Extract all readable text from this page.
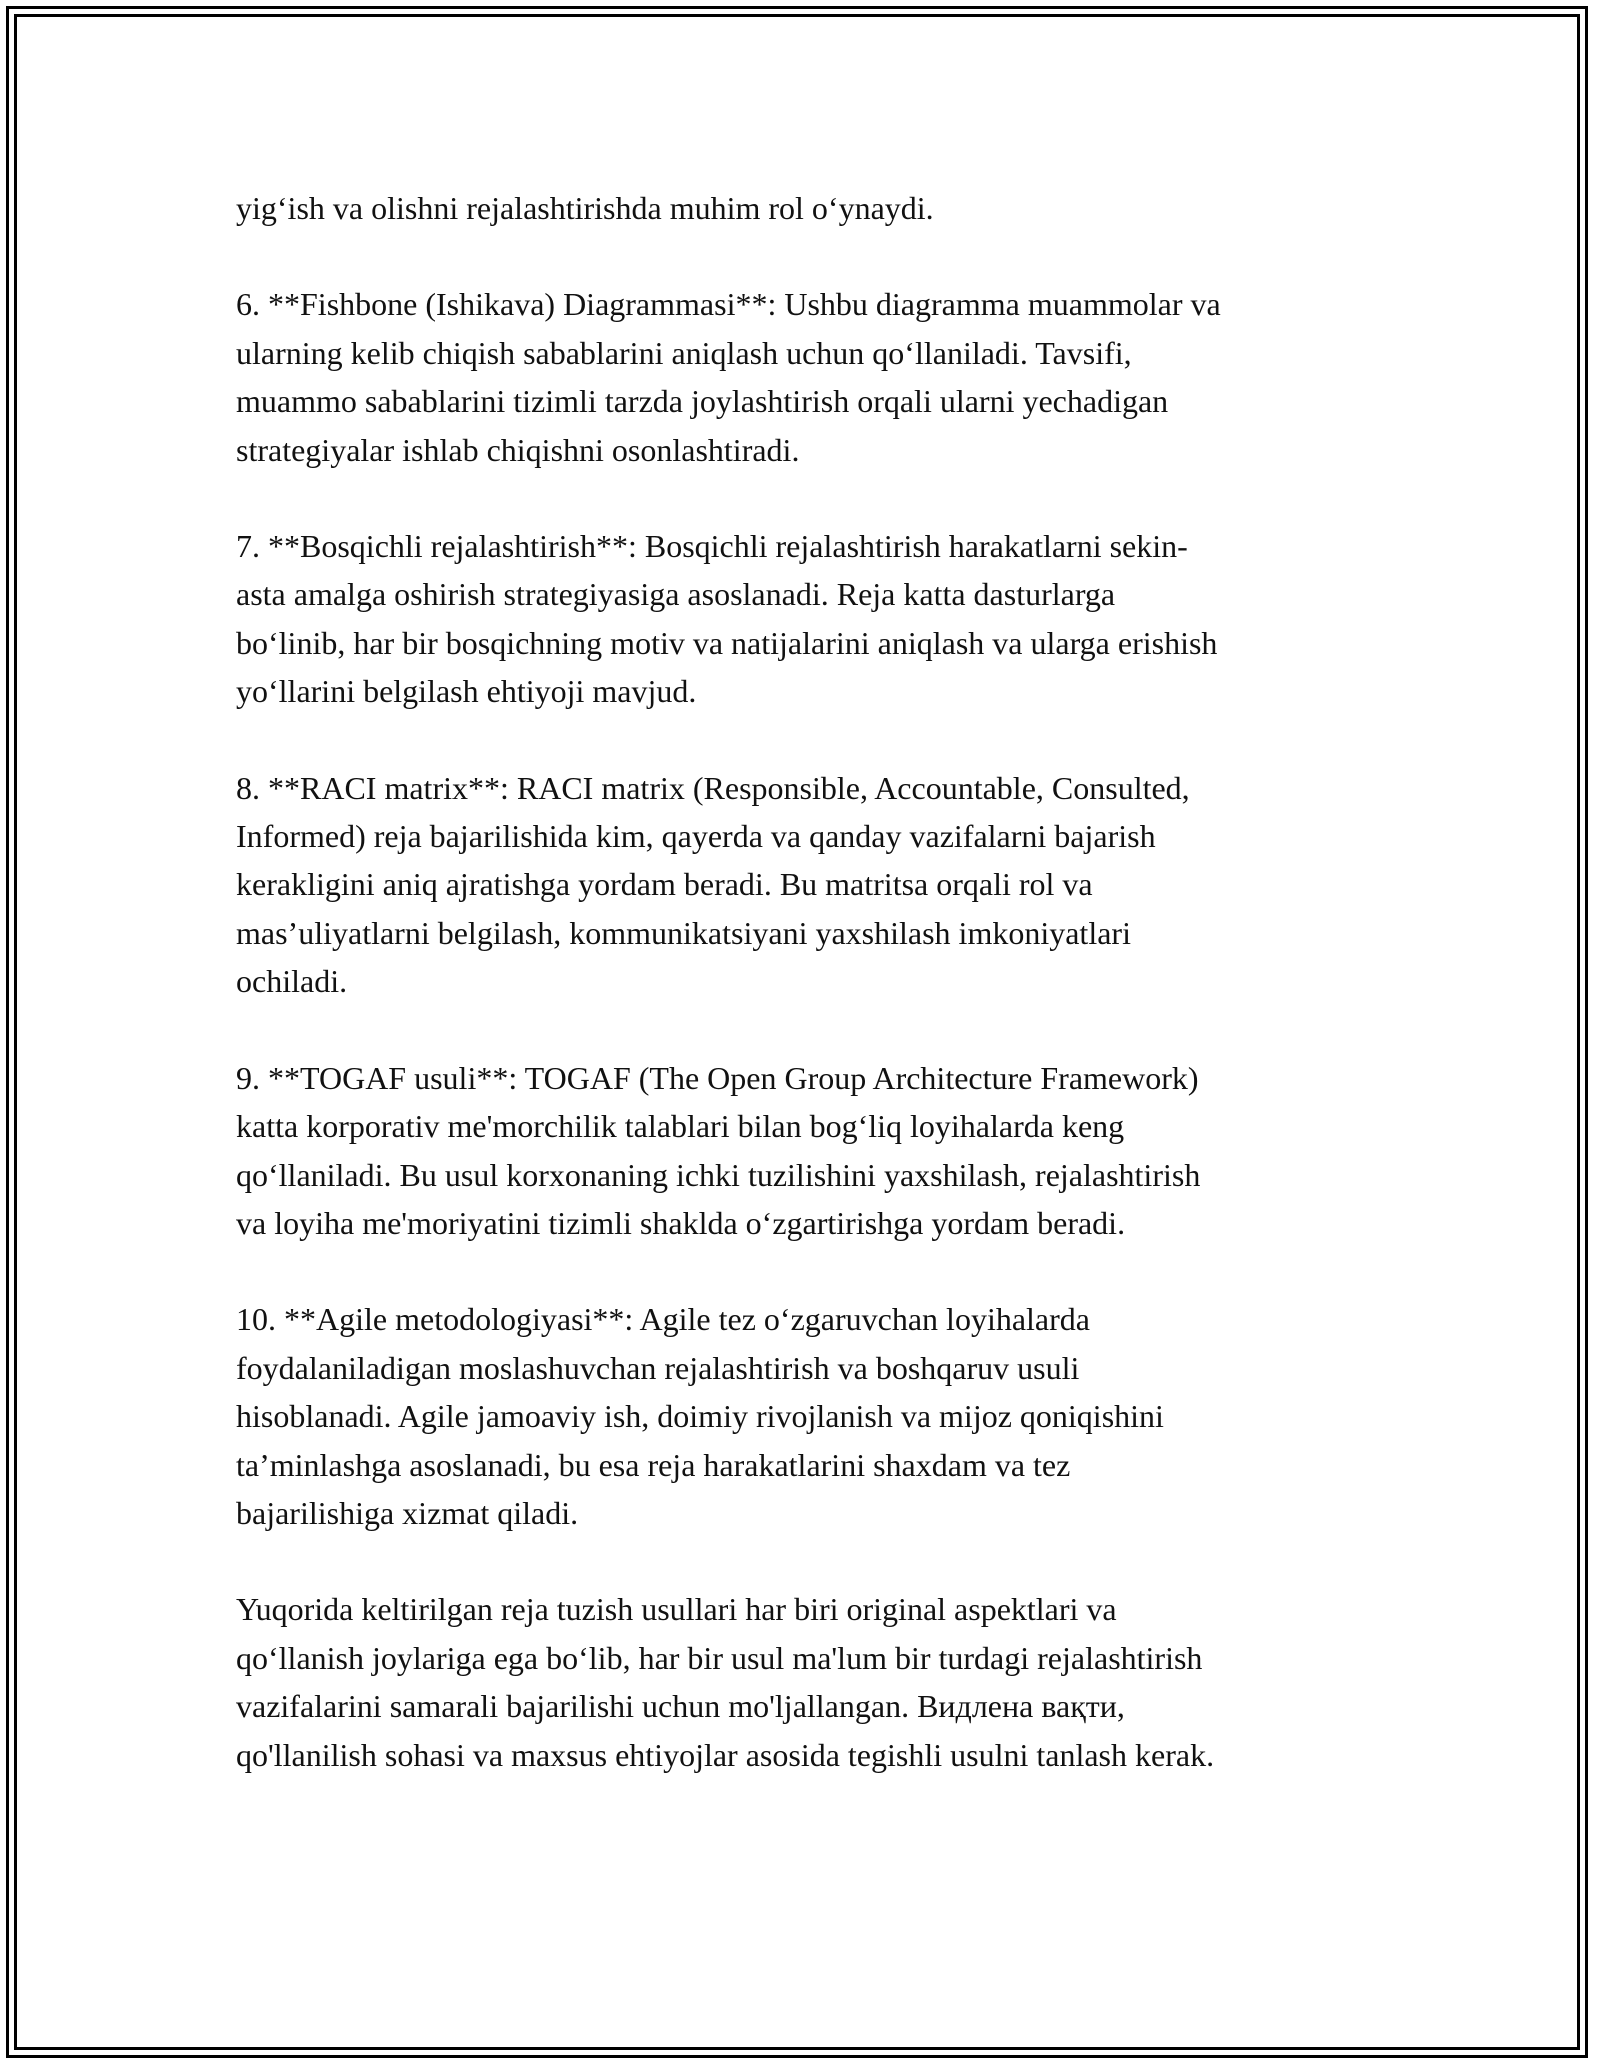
yig‘ish va olishni rejalashtirishda muhim rol o‘ynaydi.

6. **Fishbone (Ishikava) Diagrammasi**: Ushbu diagramma muammolar va
ularning kelib chiqish sabablarini aniqlash uchun qo‘llaniladi. Tavsifi,
muammo sabablarini tizimli tarzda joylashtirish orqali ularni yechadigan
strategiyalar ishlab chiqishni osonlashtiradi.

7. **Bosqichli rejalashtirish**: Bosqichli rejalashtirish harakatlarni sekin-
asta amalga oshirish strategiyasiga asoslanadi. Reja katta dasturlarga
bo‘linib, har bir bosqichning motiv va natijalarini aniqlash va ularga erishish
yo‘llarini belgilash ehtiyoji mavjud.

8. **RACI matrix**: RACI matrix (Responsible, Accountable, Consulted,
Informed) reja bajarilishida kim, qayerda va qanday vazifalarni bajarish
kerakligini aniq ajratishga yordam beradi. Bu matritsa orqali rol va
mas’uliyatlarni belgilash, kommunikatsiyani yaxshilash imkoniyatlari
ochiladi.

9. **TOGAF usuli**: TOGAF (The Open Group Architecture Framework)
katta korporativ me'morchilik talablari bilan bog‘liq loyihalarda keng
qo‘llaniladi. Bu usul korxonaning ichki tuzilishini yaxshilash, rejalashtirish
va loyiha me'moriyatini tizimli shaklda o‘zgartirishga yordam beradi.

10. **Agile metodologiyasi**: Agile tez o‘zgaruvchan loyihalarda
foydalaniladigan moslashuvchan rejalashtirish va boshqaruv usuli
hisoblanadi. Agile jamoaviy ish, doimiy rivojlanish va mijoz qoniqishini
ta’minlashga asoslanadi, bu esa reja harakatlarini shaxdam va tez
bajarilishiga xizmat qiladi.

Yuqorida keltirilgan reja tuzish usullari har biri original aspektlari va
qo‘llanish joylariga ega bo‘lib, har bir usul ma'lum bir turdagi rejalashtirish
vazifalarini samarali bajarilishi uchun mo'ljallangan. Видлена вақти,
qo'llanilish sohasi va maxsus ehtiyojlar asosida tegishli usulni tanlash kerak.
